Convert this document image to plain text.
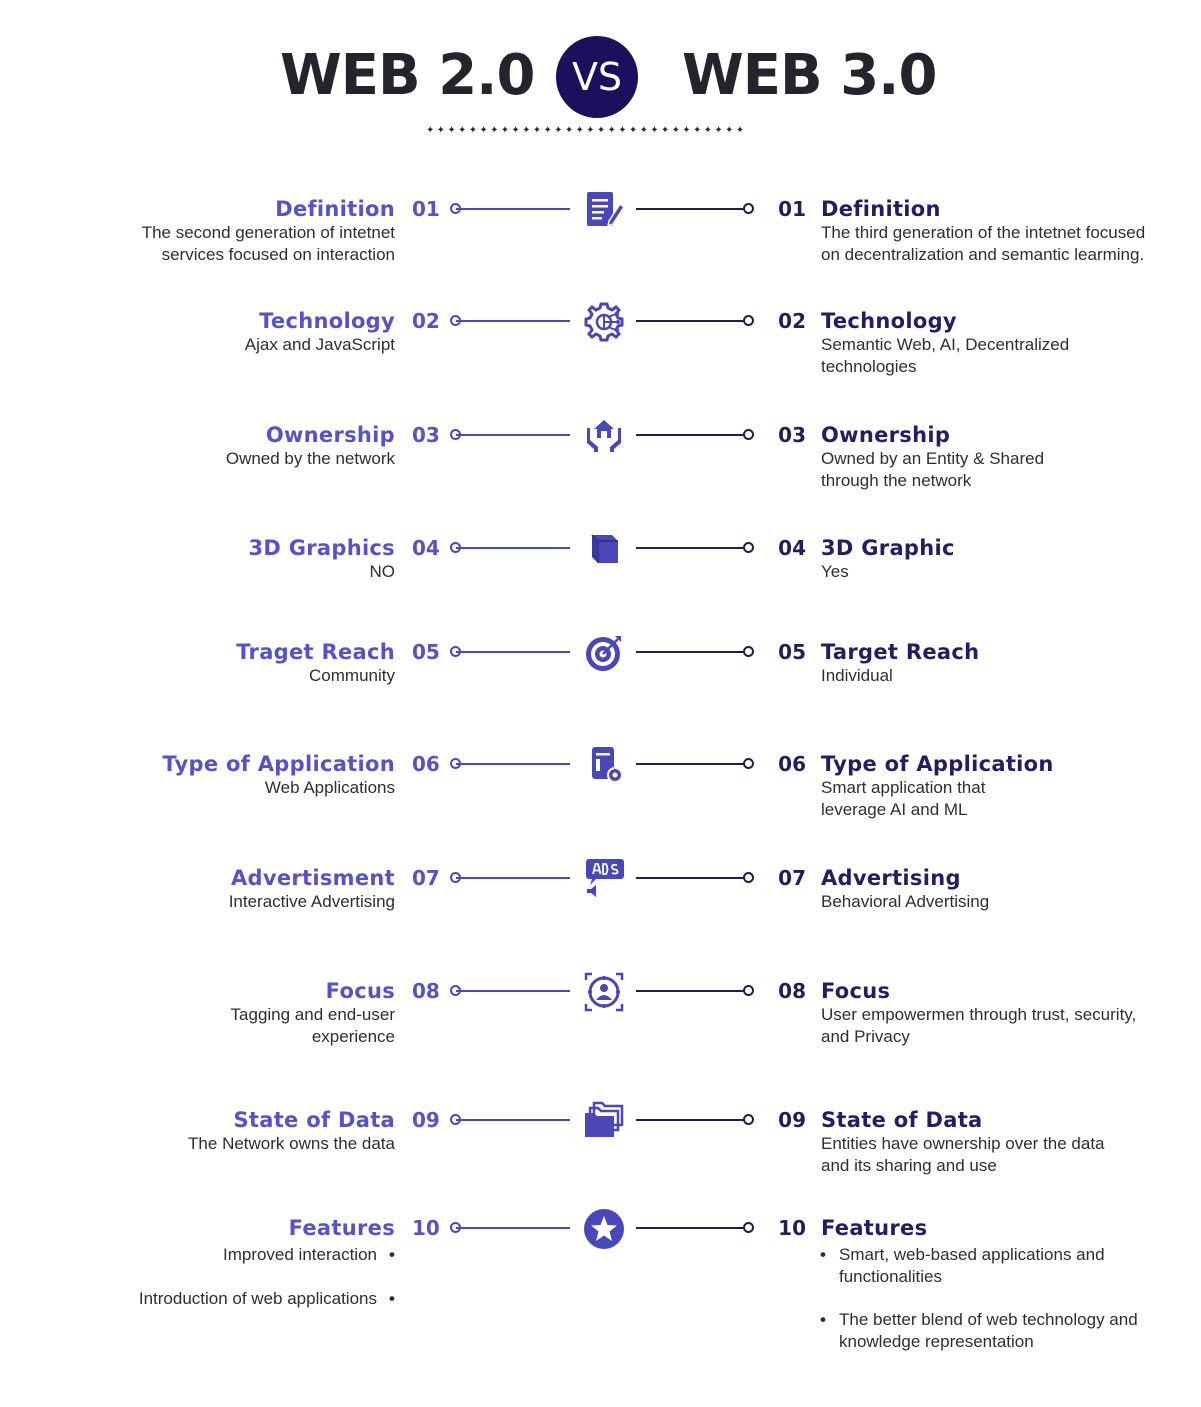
WEB 2.0 VS WEB 3.0
✦✦✦✦✦✦✦✦✦✦✦✦✦✦✦✦✦✦✦✦✦✦✦✦✦✦✦✦✦✦
Definition 01
The second generation of intetnet services focused on interaction
01 Definition
The third generation of the intetnet focused on decentralization and semantic learming.
Technology 02
Ajax and JavaScript
02 Technology
Semantic Web, AI, Decentralized technologies
Ownership 03
Owned by the network
03 Ownership
Owned by an Entity & Shared through the network
3D Graphics 04
NO
04 3D Graphic
Yes
Traget Reach 05
Community
05 Target Reach
Individual
Type of Application 06
Web Applications
06 Type of Application
Smart application that leverage AI and ML
Advertisment 07
Interactive Advertising
07 Advertising
Behavioral Advertising
Focus 08
Tagging and end-user experience
08 Focus
User empowermen through trust, security, and Privacy
State of Data 09
The Network owns the data
09 State of Data
Entities have ownership over the data and its sharing and use
Features 10
Improved interaction •
Introduction of web applications •
10 Features
• Smart, web-based applications and functionalities
• The better blend of web technology and knowledge representation
